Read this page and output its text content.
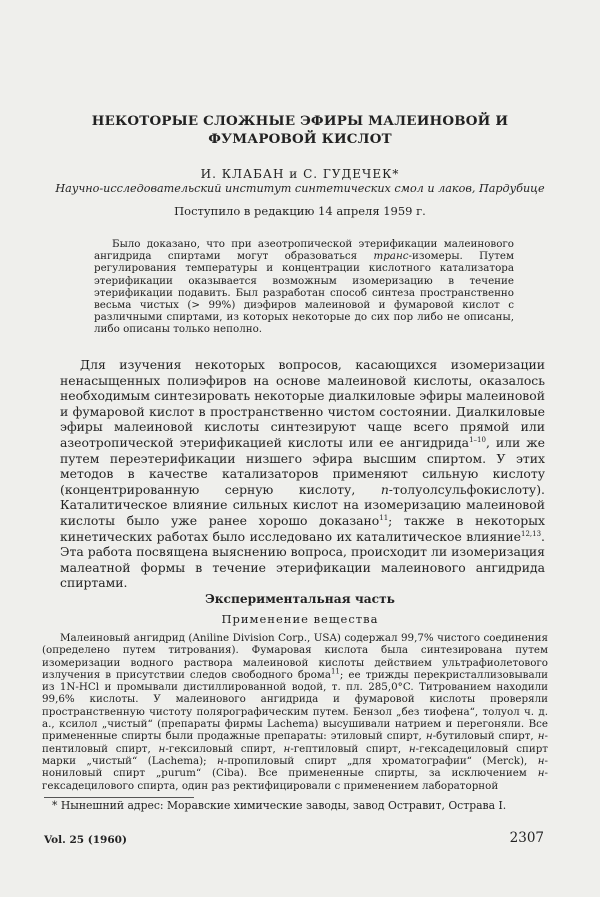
НЕКОТОРЫЕ СЛОЖНЫЕ ЭФИРЫ МАЛЕИНОВОЙ И ФУМАРОВОЙ КИСЛОТ
И. КЛАБАН и С. ГУДЕЧЕК*
Научно-исследовательский институт синтетических смол и лаков, Пардубице
Поступило в редакцию 14 апреля 1959 г.

Было доказано, что при азеотропической этерификации малеинового ангидрида спиртами могут образоваться транс-изомеры. Путем регулирования температуры и концентрации кислотного катализатора этерификации оказывается возможным изомеризацию в течение этерификации подавить. Был разработан способ синтеза пространственно весьма чистых (> 99%) диэфиров малеиновой и фумаровой кислот с различными спиртами, из которых некоторые до сих пор либо не описаны, либо описаны только неполно.

Для изучения некоторых вопросов, касающихся изомеризации ненасыщенных полиэфиров на основе малеиновой кислоты, оказалось необходимым синтезировать некоторые диалкиловые эфиры малеиновой и фумаровой кислот в пространственно чистом состоянии. Диалкиловые эфиры малеиновой кислоты синтезируют чаще всего прямой или азеотропической этерификацией кислоты или ее ангидрида$^{1-10}$, или же путем переэтерификации низшего эфира высшим спиртом. У этих методов в качестве катализаторов применяют сильную кислоту (концентрированную серную кислоту, n-толуолсульфокислоту). Каталитическое влияние сильных кислот на изомеризацию малеиновой кислоты было уже ранее хорошо доказано$^{11}$; также в некоторых кинетических работах было исследовано их каталитическое влияние$^{12,13}$. Эта работа посвящена выяснению вопроса, происходит ли изомеризация малеатной формы в течение этерификации малеинового ангидрида спиртами.

Экспериментальная часть
Применение вещества

Малеиновый ангидрид (Aniline Division Corp., USA) содержал 99,7% чистого соединения (определено путем титрования). Фумаровая кислота была синтезирована путем изомеризации водного раствора малеиновой кислоты действием ультрафиолетового излучения в присутствии следов свободного брома$^{11}$; ее трижды перекристаллизовывали из 1N-HCl и промывали дистиллированной водой, т. пл. 285,0°C. Титрованием находили 99,6% кислоты. У малеинового ангидрида и фумаровой кислоты проверяли пространственную чистоту полярографическим путем. Бензол „без тиофена“, толуол ч. д. а., ксилол „чистый“ (препараты фирмы Lachema) высушивали натрием и перегоняли. Все примененные спирты были продажные препараты: этиловый спирт, н-бутиловый спирт, н-пентиловый спирт, н-гексиловый спирт, н-гептиловый спирт, н-гексадециловый спирт марки „чистый“ (Lachema); н-пропиловый спирт „для хроматографии“ (Merck), н-нониловый спирт „purum“ (Ciba). Все примененные спирты, за исключением н-гексадецилового спирта, один раз ректифицировали с применением лабораторной

* Нынешний адрес: Моравские химические заводы, завод Остравит, Острава I.
Vol. 25 (1960)	2307
